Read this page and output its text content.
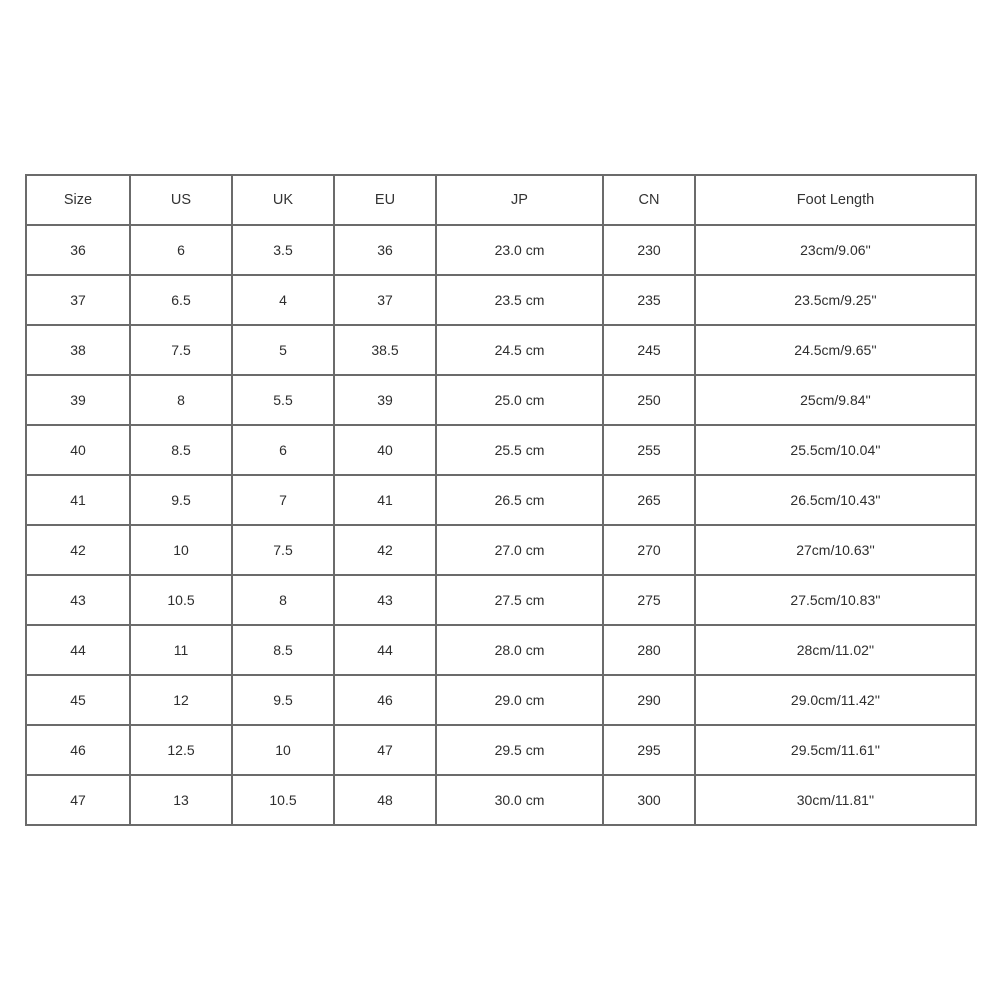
Size	US	UK	EU	JP	CN	Foot Length
36	6	3.5	36	23.0 cm	230	23cm/9.06''
37	6.5	4	37	23.5 cm	235	23.5cm/9.25''
38	7.5	5	38.5	24.5 cm	245	24.5cm/9.65''
39	8	5.5	39	25.0 cm	250	25cm/9.84''
40	8.5	6	40	25.5 cm	255	25.5cm/10.04''
41	9.5	7	41	26.5 cm	265	26.5cm/10.43''
42	10	7.5	42	27.0 cm	270	27cm/10.63''
43	10.5	8	43	27.5 cm	275	27.5cm/10.83''
44	11	8.5	44	28.0 cm	280	28cm/11.02''
45	12	9.5	46	29.0 cm	290	29.0cm/11.42''
46	12.5	10	47	29.5 cm	295	29.5cm/11.61''
47	13	10.5	48	30.0 cm	300	30cm/11.81''
